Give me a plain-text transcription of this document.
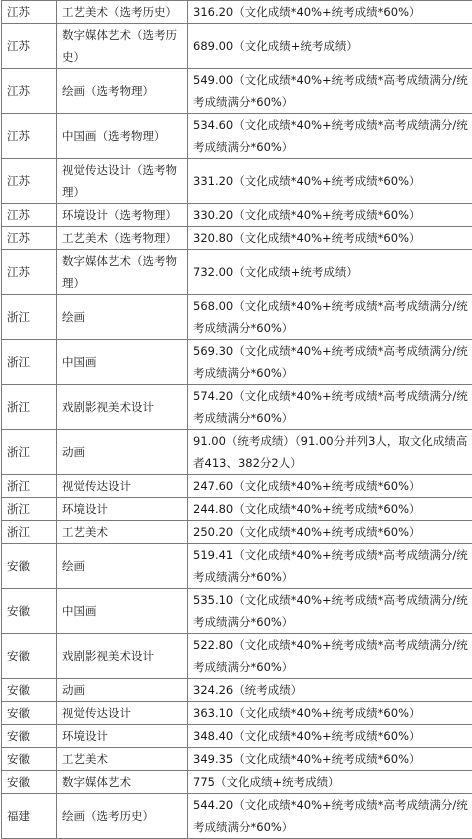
江苏	工艺美术（选考历史）	316.20（文化成绩*40%+统考成绩*60%）
江苏	数字媒体艺术（选考历史）	689.00（文化成绩+统考成绩）
江苏	绘画（选考物理）	549.00（文化成绩*40%+统考成绩*高考成绩满分/统考成绩满分*60%）
江苏	中国画（选考物理）	534.60（文化成绩*40%+统考成绩*高考成绩满分/统考成绩满分*60%）
江苏	视觉传达设计（选考物理）	331.20（文化成绩*40%+统考成绩*60%）
江苏	环境设计（选考物理）	330.20（文化成绩*40%+统考成绩*60%）
江苏	工艺美术（选考物理）	320.80（文化成绩*40%+统考成绩*60%）
江苏	数字媒体艺术（选考物理）	732.00（文化成绩+统考成绩）
浙江	绘画	568.00（文化成绩*40%+统考成绩*高考成绩满分/统考成绩满分*60%）
浙江	中国画	569.30（文化成绩*40%+统考成绩*高考成绩满分/统考成绩满分*60%）
浙江	戏剧影视美术设计	574.20（文化成绩*40%+统考成绩*高考成绩满分/统考成绩满分*60%）
浙江	动画	91.00（统考成绩）（91.00分并列3人，取文化成绩高者413、382分2人）
浙江	视觉传达设计	247.60（文化成绩*40%+统考成绩*60%）
浙江	环境设计	244.80（文化成绩*40%+统考成绩*60%）
浙江	工艺美术	250.20（文化成绩*40%+统考成绩*60%）
安徽	绘画	519.41（文化成绩*40%+统考成绩*高考成绩满分/统考成绩满分*60%）
安徽	中国画	535.10（文化成绩*40%+统考成绩*高考成绩满分/统考成绩满分*60%）
安徽	戏剧影视美术设计	522.80（文化成绩*40%+统考成绩*高考成绩满分/统考成绩满分*60%）
安徽	动画	324.26（统考成绩）
安徽	视觉传达设计	363.10（文化成绩*40%+统考成绩*60%）
安徽	环境设计	348.40（文化成绩*40%+统考成绩*60%）
安徽	工艺美术	349.35（文化成绩*40%+统考成绩*60%）
安徽	数字媒体艺术	775（文化成绩+统考成绩）
福建	绘画（选考历史）	544.20（文化成绩*40%+统考成绩*高考成绩满分/统考成绩满分*60%）
